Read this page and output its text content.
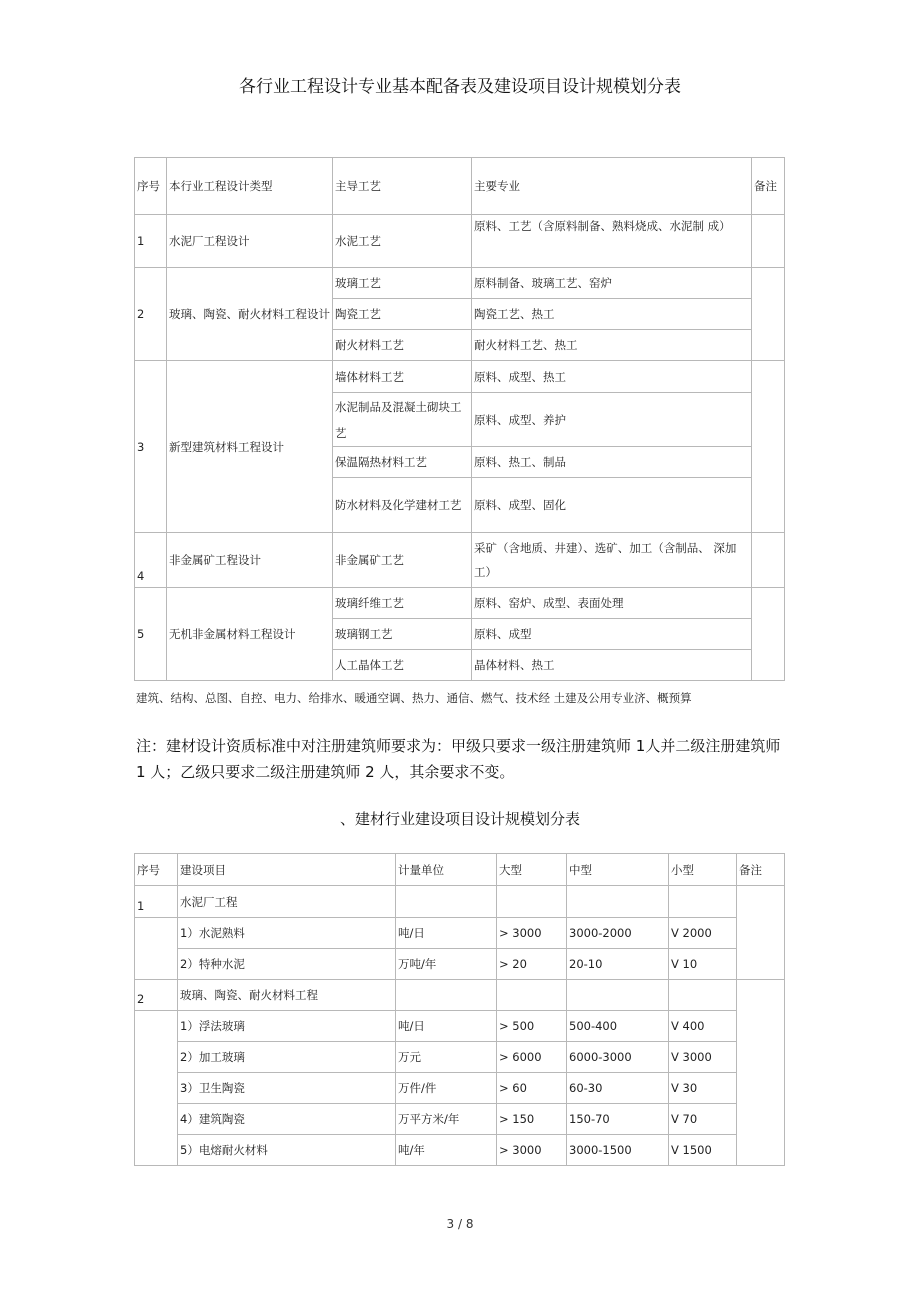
各行业工程设计专业基本配备表及建设项目设计规模划分表
序号	本行业工程设计类型	主导工艺	主要专业	备注
1	水泥厂工程设计	水泥工艺	原料、工艺（含原料制备、熟料烧成、水泥制 成）	
2	玻璃、陶瓷、耐火材料工程设计	玻璃工艺	原料制备、玻璃工艺、窑炉	
		陶瓷工艺	陶瓷工艺、热工	
		耐火材料工艺	耐火材料工艺、热工	
3	新型建筑材料工程设计	墙体材料工艺	原料、成型、热工	
		水泥制品及混凝土砌块工艺	原料、成型、养护	
		保温隔热材料工艺	原料、热工、制品	
		防水材料及化学建材工艺	原料、成型、固化	
4	非金属矿工程设计	非金属矿工艺	采矿（含地质、井建）、选矿、加工（含制品、 深加工）	
5	无机非金属材料工程设计	玻璃纤维工艺	原料、窑炉、成型、表面处理	
		玻璃钢工艺	原料、成型	
		人工晶体工艺	晶体材料、热工	
建筑、结构、总图、自控、电力、给排水、暖通空调、热力、通信、燃气、技术经 土建及公用专业济、概预算
注：建材设计资质标准中对注册建筑师要求为：甲级只要求一级注册建筑师 1人并二级注册建筑师 1 人；乙级只要求二级注册建筑师 2 人，其余要求不变。
、建材行业建设项目设计规模划分表
序号	建设项目	计量单位	大型	中型	小型	备注
1	水泥厂工程					
	1）水泥熟料	吨/日	> 3000	3000-2000	V 2000	
	2）特种水泥	万吨/年	> 20	20-10	V 10	
2	玻璃、陶瓷、耐火材料工程					
	1）浮法玻璃	吨/日	> 500	500-400	V 400	
	2）加工玻璃	万元	> 6000	6000-3000	V 3000	
	3）卫生陶瓷	万件/件	> 60	60-30	V 30	
	4）建筑陶瓷	万平方米/年	> 150	150-70	V 70	
	5）电熔耐火材料	吨/年	> 3000	3000-1500	V 1500	
3 / 8
